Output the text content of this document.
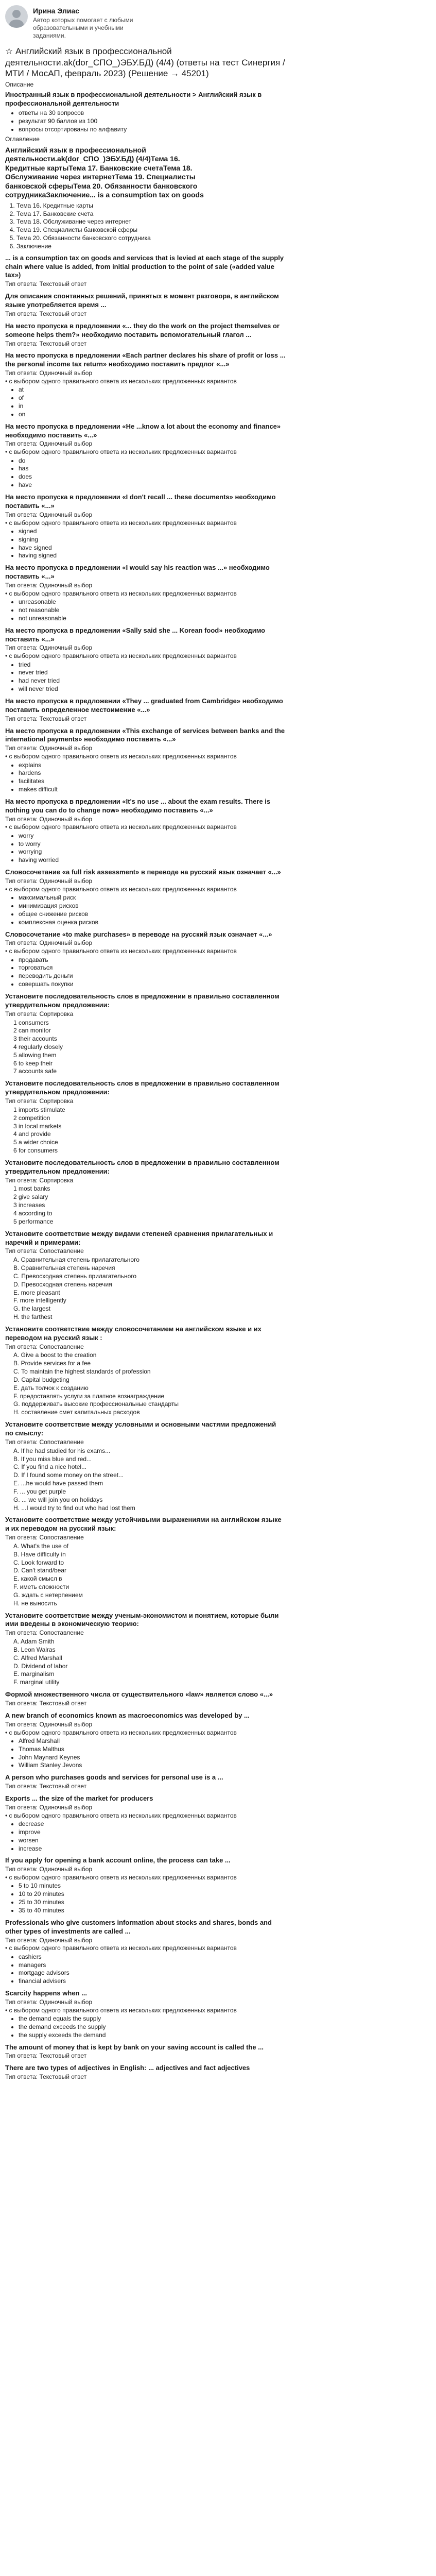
Ирина Элиас
Автор которых помогает с любыми образовательными и учебными заданиями.
☆ Английский язык в профессиональной деятельности.ak(dor_СПО_)ЭБУ.БД) (4/4) (ответы на тест Синергия / МТИ / МосАП, февраль 2023) (Решение → 45201)
Описание
Иностранный язык в профессиональной деятельности > Английский язык в профессиональной деятельности
• ответы на 30 вопросов
• результат 90 баллов из 100
• вопросы отсортированы по алфавиту
Оглавление
Английский язык в профессиональной деятельности.ak(dor_СПО_)ЭБУ.БД) (4/4)Тема 16. Кредитные картыТема 17. Банковские счетаТема 18. Обслуживание через интернетТема 19. Специалисты банковской сферыТема 20. Обязанности банковского сотрудникаЗаключение... is a consumption tax on goods
1. Тема 16. Кредитные карты
2. Тема 17. Банковские счета
3. Тема 18. Обслуживание через интернет
4. Тема 19. Специалисты банковской сферы
5. Тема 20. Обязанности банковского сотрудника
6. Заключение
... is a consumption tax on goods and services that is levied at each stage of the supply chain where value is added, from initial production to the point of sale («added value tax»)
Тип ответа: Текстовый ответ
Для описания спонтанных решений, принятых в момент разговора, в английском языке употребляется время ...
Тип ответа: Текстовый ответ
На место пропуска в предложении «... they do the work on the project themselves or someone helps them?» необходимо поставить вспомогательный глагол ...
Тип ответа: Текстовый ответ
На место пропуска в предложении «Each partner declares his share of profit or loss ... the personal income tax return» необходимо поставить предлог «...»
Тип ответа: Одиночный выбор
• с выбором одного правильного ответа из нескольких предложенных вариантов
• at
• of
• in
• on
На место пропуска в предложении «He ...know a lot about the economy and finance» необходимо поставить «...»
Тип ответа: Одиночный выбор
• с выбором одного правильного ответа из нескольких предложенных вариантов
• do
• has
• does
• have
На место пропуска в предложении «I don't recall ... these documents» необходимо поставить «...»
Тип ответа: Одиночный выбор
• с выбором одного правильного ответа из нескольких предложенных вариантов
• signed
• signing
• have signed
• having signed
На место пропуска в предложении «I would say his reaction was ...» необходимо поставить «...»
Тип ответа: Одиночный выбор
• с выбором одного правильного ответа из нескольких предложенных вариантов
• unreasonable
• not reasonable
• not unreasonable
На место пропуска в предложении «Sally said she ... Korean food» необходимо поставить «...»
Тип ответа: Одиночный выбор
• с выбором одного правильного ответа из нескольких предложенных вариантов
• tried
• never tried
• had never tried
• will never tried
На место пропуска в предложении «They ... graduated from Cambridge» необходимо поставить определенное местоимение «...»
Тип ответа: Текстовый ответ
На место пропуска в предложении «This exchange of services between banks and the international payments» необходимо поставить «...»
Тип ответа: Одиночный выбор
• с выбором одного правильного ответа из нескольких предложенных вариантов
• explains
• hardens
• facilitates
• makes difficult
На место пропуска в предложении «It's no use ... about the exam results. There is nothing you can do to change now» необходимо поставить «...»
Тип ответа: Одиночный выбор
• с выбором одного правильного ответа из нескольких предложенных вариантов
• worry
• to worry
• worrying
• having worried
Словосочетание «a full risk assessment» в переводе на русский язык означает «...»
Тип ответа: Одиночный выбор
• с выбором одного правильного ответа из нескольких предложенных вариантов
• максимальный риск
• минимизация рисков
• общее снижение рисков
• комплексная оценка рисков
Словосочетание «to make purchases» в переводе на русский язык означает «...»
Тип ответа: Одиночный выбор
• с выбором одного правильного ответа из нескольких предложенных вариантов
• продавать
• торговаться
• переводить деньги
• совершать покупки
Установите последовательность слов в предложении в правильно составленном утвердительном предложении:
Тип ответа: Сортировка
1 consumers
2 can monitor
3 their accounts
4 regularly closely
5 allowing them
6 to keep their
7 accounts safe
Установите последовательность слов в предложении в правильно составленном утвердительном предложении:
Тип ответа: Сортировка
1 imports stimulate
2 competition
3 in local markets
4 and provide
5 a wider choice
6 for consumers
Установите последовательность слов в предложении в правильно составленном утвердительном предложении:
Тип ответа: Сортировка
1 most banks
2 give salary
3 increases
4 according to
5 performance
Установите соответствие между видами степеней сравнения прилагательных и наречий и примерами:
Тип ответа: Сопоставление
A. Сравнительная степень прилагательного
B. Сравнительная степень наречия
C. Превосходная степень прилагательного
D. Превосходная степень наречия
E. more pleasant
F. more intelligently
G. the largest
H. the farthest
Установите соответствие между словосочетанием на английском языке и их переводом на русский язык :
Тип ответа: Сопоставление
A. Give a boost to the creation
B. Provide services for a fee
C. To maintain the highest standards of profession
D. Capital budgeting
E. дать толчок к созданию
F. предоставлять услуги за платное вознаграждение
G. поддерживать высокие профессиональные стандарты
H. составление смет капитальных расходов
Установите соответствие между условными и основными частями предложений по смыслу:
Тип ответа: Сопоставление
A. If he had studied for his exams...
B. If you miss blue and red...
C. If you find a nice hotel...
D. If I found some money on the street...
E. ...he would have passed them
F. ... you get purple
G. ... we will join you on holidays
H. ...I would try to find out who had lost them
Установите соответствие между устойчивыми выражениями на английском языке и их переводом на русский язык:
Тип ответа: Сопоставление
A. What's the use of
B. Have difficulty in
C. Look forward to
D. Can't stand/bear
E. какой смысл в
F. иметь сложности
G. ждать с нетерпением
H. не выносить
Установите соответствие между ученым-экономистом и понятием, которые были ими введены в экономическую теорию:
Тип ответа: Сопоставление
A. Adam Smith
B. Leon Walras
C. Alfred Marshall
D. Dividend of labor
E. marginalism
F. marginal utility
Формой множественного числа от существительного «law» является слово «...»
Тип ответа: Текстовый ответ
A new branch of economics known as macroeconomics was developed by ...
Тип ответа: Одиночный выбор
• с выбором одного правильного ответа из нескольких предложенных вариантов
• Alfred Marshall
• Thomas Malthus
• John Maynard Keynes
• William Stanley Jevons
A person who purchases goods and services for personal use is a ...
Тип ответа: Текстовый ответ
Exports ... the size of the market for producers
Тип ответа: Одиночный выбор
• с выбором одного правильного ответа из нескольких предложенных вариантов
• decrease
• improve
• worsen
• increase
If you apply for opening a bank account online, the process can take ...
Тип ответа: Одиночный выбор
• с выбором одного правильного ответа из нескольких предложенных вариантов
• 5 to 10 minutes
• 10 to 20 minutes
• 25 to 30 minutes
• 35 to 40 minutes
Professionals who give customers information about stocks and shares, bonds and other types of investments are called ...
Тип ответа: Одиночный выбор
• с выбором одного правильного ответа из нескольких предложенных вариантов
• cashiers
• managers
• mortgage advisors
• financial advisers
Scarcity happens when ...
Тип ответа: Одиночный выбор
• с выбором одного правильного ответа из нескольких предложенных вариантов
• the demand equals the supply
• the demand exceeds the supply
• the supply exceeds the demand
The amount of money that is kept by bank on your saving account is called the ...
Тип ответа: Текстовый ответ
There are two types of adjectives in English: ... adjectives and fact adjectives
Тип ответа: Текстовый ответ
